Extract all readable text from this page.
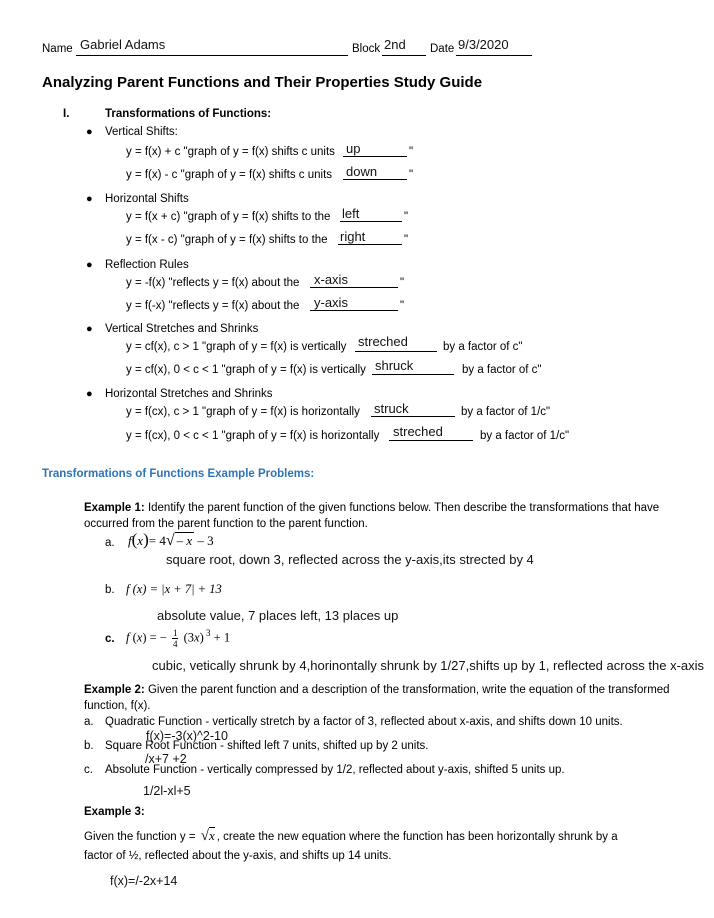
Name Gabriel Adams	Block 2nd Date 9/3/2020
Analyzing Parent Functions and Their Properties Study Guide
I.	Transformations of Functions:
● Vertical Shifts:
y = f(x) + c "graph of y = f(x) shifts c units up	"
y = f(x) - c "graph of y = f(x) shifts c units down	"
● Horizontal Shifts
y = f(x + c) "graph of y = f(x) shifts to the left	"
y = f(x - c) "graph of y = f(x) shifts to the right	"
● Reflection Rules
y = -f(x) "reflects y = f(x) about the x-axis	"
y = f(-x) "reflects y = f(x) about the y-axis	"
● Vertical Stretches and Shrinks
y = cf(x), c > 1 "graph of y = f(x) is vertically streched	by a factor of c"
y = cf(x), 0 < c < 1 "graph of y = f(x) is vertically shruck	by a factor of c"
● Horizontal Stretches and Shrinks
y = f(cx), c > 1 "graph of y = f(x) is horizontally struck	by a factor of 1/c"
y = f(cx), 0 < c < 1 "graph of y = f(x) is horizontally streched	by a factor of 1/c"
Transformations of Functions Example Problems:
Example 1: Identify the parent function of the given functions below. Then describe the transformations that have occurred from the parent function to the parent function.
a. f(x)= 4√ – x – 3
square root, down 3, reflected across the y-axis,its strected by 4
b. f (x) = |x + 7| + 13
absolute value, 7 places left, 13 places up
c. f (x) = − $\frac{1}{4} (3x) ^3 + 1$
cubic, vetically shrunk by 4,horinontally shrunk by 1/27,shifts up by 1, reflected across the x-axis
Example 2: Given the parent function and a description of the transformation, write the equation of the transformed function, f(x).
a. Quadratic Function - vertically stretch by a factor of 3, reflected about x-axis, and shifts down 10 units.
f(x)=-3(x)^2-10
b. Square Root Function - shifted left 7 units, shifted up by 2 units.
/x+7 +2
c. Absolute Function - vertically compressed by 1/2, reflected about y-axis, shifted 5 units up.
1/2l-xl+5
Example 3:
Given the function y = √x , create the new equation where the function has been horizontally shrunk by a
factor of ½, reflected about the y-axis, and shifts up 14 units.
f(x)=/-2x+14
